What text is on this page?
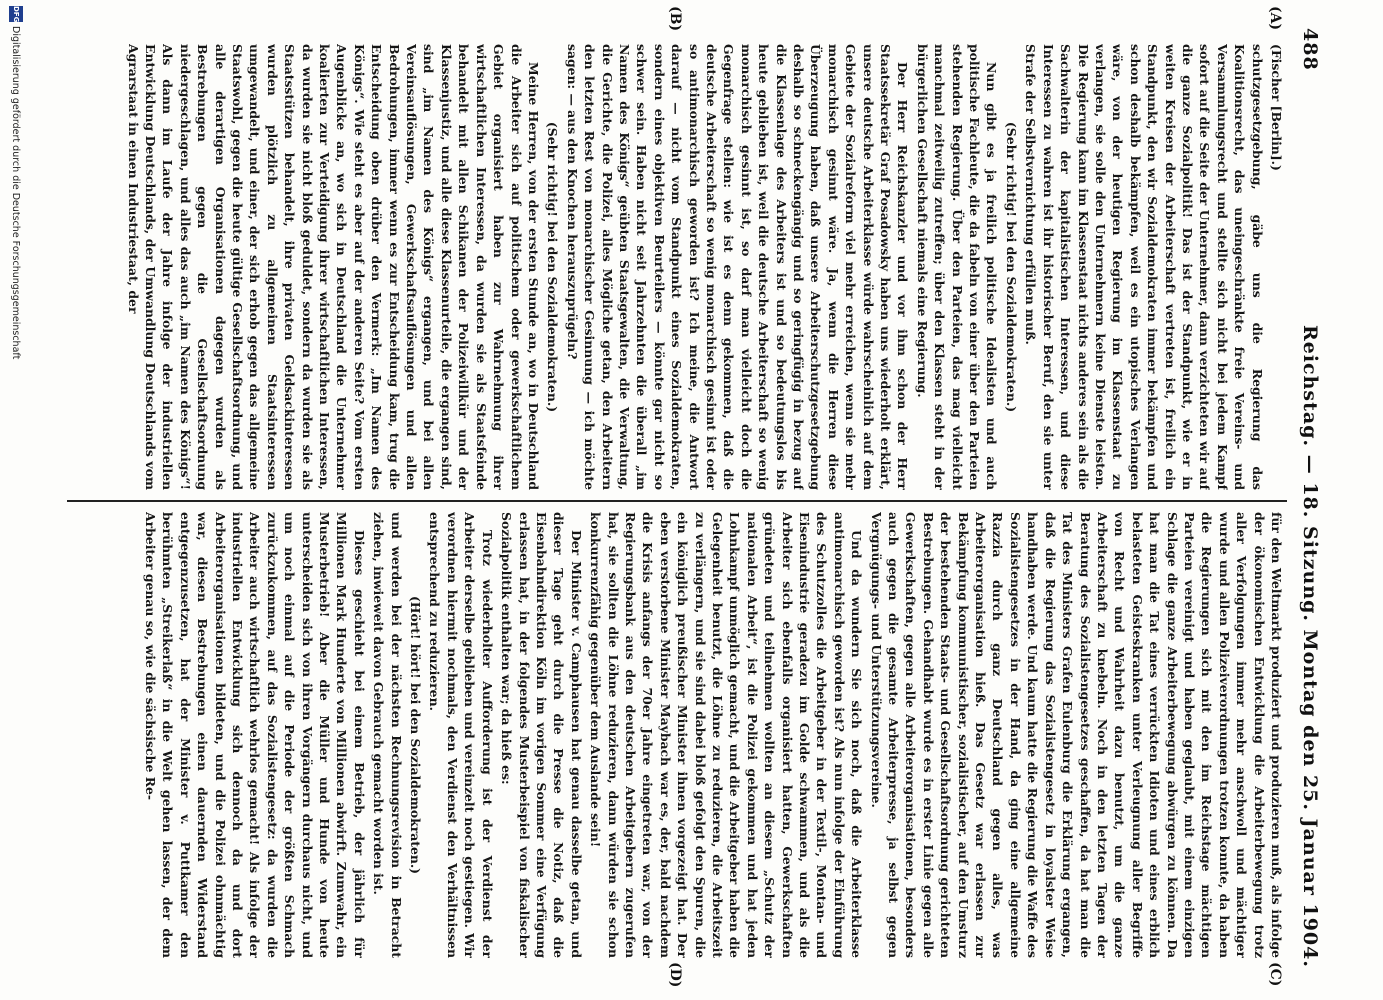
488
Reichstag. — 18. Sitzung. Montag den 25. Januar 1904.
(A)
(B)
(C)
(D)

(Fischer [Berlin].)

schutzgesetzgebung, gäbe uns die Regierung das Koalitionsrecht, das uneingeschränkte freie Vereins- und Versammlungsrecht und stellte sich nicht bei jedem Kampf sofort auf die Seite der Unternehmer, dann verzichteten wir auf die ganze Sozialpolitik! Das ist der Standpunkt, wie er in weiten Kreisen der Arbeiterschaft vertreten ist, freilich ein Standpunkt, den wir Sozialdemokraten immer bekämpfen und schon deshalb bekämpfen, weil es ein utopisches Verlangen wäre, von der heutigen Regierung im Klassenstaat zu verlangen, sie solle den Unternehmern keine Dienste leisten. Die Regierung kann im Klassenstaat nichts anderes sein als die Sachwalterin der kapitalistischen Interessen, und diese Interessen zu wahren ist ihr historischer Beruf, den sie unter Strafe der Selbstvernichtung erfüllen muß.

(Sehr richtig! bei den Sozialdemokraten.)

Nun gibt es ja freilich politische Idealisten und auch politische Fachleute, die da fabeln von einer über den Parteien stehenden Regierung. Über den Parteien, das mag vielleicht manchmal zeitweilig zutreffen; über den Klassen steht in der bürgerlichen Gesellschaft niemals eine Regierung.

Der Herr Reichskanzler und vor ihm schon der Herr Staatssekretär Graf Posadowsky haben uns wiederholt erklärt, unsere deutsche Arbeiterklasse würde wahrscheinlich auf dem Gebiete der Sozialreform viel mehr erreichen, wenn sie mehr monarchisch gesinnt wäre. Ja, wenn die Herren diese Überzeugung haben, daß unsere Arbeiterschutzgesetzgebung deshalb so schneckengängig und so geringfügig in bezug auf die Klassenlage des Arbeiters ist und so bedeutungslos bis heute geblieben ist, weil die deutsche Arbeiterschaft so wenig monarchisch gesinnt ist, so darf man vielleicht doch die Gegenfrage stellen: wie ist es denn gekommen, daß die deutsche Arbeiterschaft so wenig monarchisch gesinnt ist oder so antimonarchisch geworden ist? Ich meine, die Antwort darauf — nicht vom Standpunkt eines Sozialdemokraten, sondern eines objektiven Beurteilers — könnte gar nicht so schwer sein. Haben nicht seit Jahrzehnten die überall „im Namen des Königs“ geübten Staatsgewalten, die Verwaltung, die Gerichte, die Polizei, alles Mögliche getan, den Arbeitern den letzten Rest von monarchischer Gesinnung — ich möchte sagen: — aus den Knochen herauszuprügeln?

(Sehr richtig! bei den Sozialdemokraten.)

Meine Herren, von der ersten Stunde an, wo in Deutschland die Arbeiter sich auf politischem oder gewerkschaftlichem Gebiet organisiert haben zur Wahrnehmung ihrer wirtschaftlichen Interessen, da wurden sie als Staatsfeinde behandelt mit allen Schikanen der Polizeiwillkür und der Klassenjustiz, und alle diese Klassenurteile, die ergangen sind, sind „im Namen des Königs“ ergangen, und bei allen Vereinsauflösungen, Gewerkschaftsauflösungen und allen Bedrohungen, immer wenn es zur Entscheidung kam, trug die Entscheidung oben drüber den Vermerk: „Im Namen des Königs“. Wie steht es aber auf der anderen Seite? Vom ersten Augenblicke an, wo sich in Deutschland die Unternehmer koalierten zur Verteidigung ihrer wirtschaftlichen Interessen, da wurden sie nicht bloß geduldet, sondern da wurden sie als Staatsstützen behandelt, ihre privaten Geldsackinteressen wurden plötzlich zu allgemeinen Staatsinteressen umgewandelt, und einer, der sich erhob gegen das allgemeine Staatswohl, gegen die heute gültige Gesellschaftsordnung, und alle derartigen Organisationen dagegen wurden als Bestrebungen gegen die Gesellschaftsordnung niedergeschlagen, und alles das auch „im Namen des Königs“! Als dann im Laufe der Jahre infolge der industriellen Entwicklung Deutschlands, der Umwandlung Deutschlands vom Agrarstaat in einen Industriestaat, der

für den Weltmarkt produziert und produzieren muß, als infolge der ökonomischen Entwicklung die Arbeiterbewegung trotz aller Verfolgungen immer mehr anschwoll und mächtiger wurde und allen Polizeiverordnungen trotzen konnte, da haben die Regierungen sich mit den im Reichstage mächtigen Parteien vereinigt und haben geglaubt, mit einem einzigen Schlage die ganze Arbeiterbewegung abwürgen zu können. Da hat man die Tat eines verrückten Idioten und eines erblich belasteten Geisteskranken unter Verleugnung aller Begriffe von Recht und Wahrheit dazu benutzt, um die ganze Arbeiterschaft zu knebeln. Noch in den letzten Tagen der Beratung des Sozialistengesetzes geschaffen, da hat man die Tat des Ministers Grafen Eulenburg die Erklärung ergangen, daß die Regierung das Sozialistengesetz in loyalster Weise handhaben werde. Und kaum hatte die Regierung die Waffe des Sozialistengesetzes in der Hand, da ging eine allgemeine Razzia durch ganz Deutschland gegen alles, was Arbeiterorganisation hieß. Das Gesetz war erlassen zur Bekämpfung kommunistischer, sozialistischer, auf den Umsturz der bestehenden Staats- und Gesellschaftsordnung gerichteten Bestrebungen. Gehandhabt wurde es in erster Linie gegen alle Gewerkschaften, gegen alle Arbeiterorganisationen, besonders auch gegen die gesamte Arbeiterpresse, ja selbst gegen Vergnügungs- und Unterstützungsvereine.

Und da wundern Sie sich noch, daß die Arbeiterklasse antimonarchisch geworden ist? Als nun infolge der Einführung des Schutzzolles die Arbeitgeber in der Textil-, Montan- und Eisenindustrie geradezu im Golde schwammen, und als die Arbeiter sich ebenfalls organisiert hatten, Gewerkschaften gründeten und teilnehmen wollten an diesem „Schutz der nationalen Arbeit“, ist die Polizei gekommen und hat jeden Lohnkampf unmöglich gemacht, und die Arbeitgeber haben die Gelegenheit benutzt, die Löhne zu reduzieren, die Arbeitszeit zu verlängern, und sie sind dabei bloß gefolgt den Spuren, die ein königlich preußischer Minister ihnen vorgezeigt hat. Der eben verstorbene Minister Maybach war es, der, bald nachdem die Krisis anfangs der 70er Jahre eingetreten war, von der Regierungsbank aus den deutschen Arbeitgebern zugerufen hat, sie sollten die Löhne reduzieren, dann würden sie schon konkurrenzfähig gegenüber dem Auslande sein!

Der Minister v. Camphausen hat genau dasselbe getan, und dieser Tage geht durch die Presse die Notiz, daß die Eisenbahndirektion Köln im vorigen Sommer eine Verfügung erlassen hat, in der folgendes Musterbeispiel von fiskalischer Sozialpolitik enthalten war; da hieß es:

Trotz wiederholter Aufforderung ist der Verdienst der Arbeiter derselbe geblieben und vereinzelt noch gestiegen. Wir verordnen hiermit nochmals, den Verdienst den Verhältnissen entsprechend zu reduzieren.

(Hört! hört! bei den Sozialdemokraten.)

und werden bei der nächsten Rechnungsrevision in Betracht ziehen, inwieweit davon Gebrauch gemacht worden ist.

Dieses geschieht bei einem Betrieb, der jährlich für Millionen Mark Hunderte von Millionen abwirft. Zumwahr, ein Musterbetrieb! Aber die Müller und Hunde von heute unterscheiden sich von ihren Vorgängern durchaus nicht, und um noch einmal auf die Periode der größten Schmach zurückzukommen, auf das Sozialistengesetz: da wurden die Arbeiter auch wirtschaftlich wehrlos gemacht! Als infolge der industriellen Entwicklung sich dennoch da und dort Arbeiterorganisationen bildeten, und die Polizei ohnmächtig war, diesen Bestrebungen einen dauernden Widerstand entgegenzusetzen, hat der Minister v. Puttkamer den berühmten „Streikerlaß“ in die Welt gehen lassen, der dem Arbeiter genau so, wie die sächsische Re-

DFG
Digitalisierung gefördert durch die Deutsche Forschungsgemeinschaft
